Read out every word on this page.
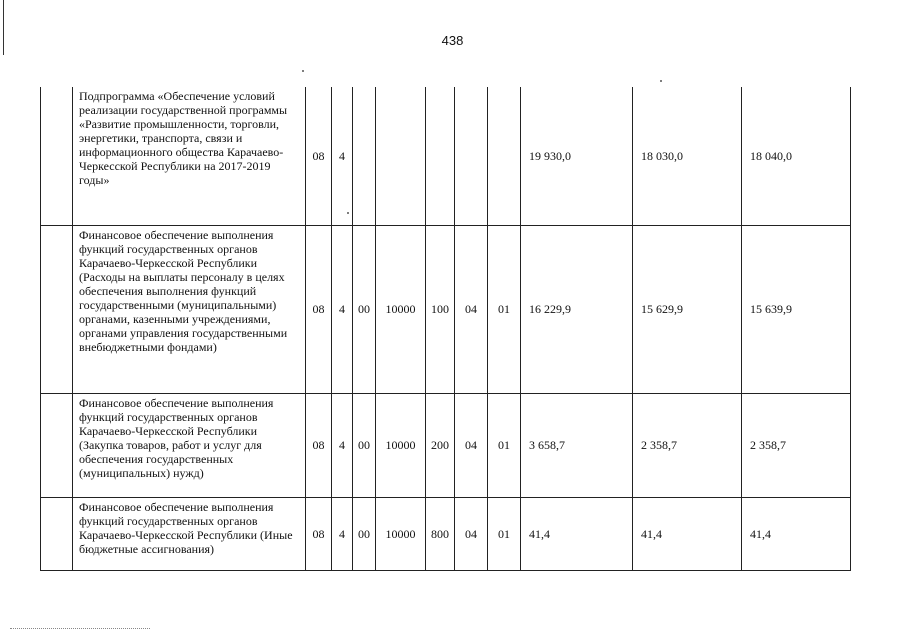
438
	Подпрограмма «Обеспечение условий реализации государственной программы «Развитие промышленности, торговли, энергетики, транспорта, связи и информационного общества Карачаево-Черкесской Республики на 2017-2019 годы»	08	4						19 930,0	18 030,0	18 040,0
	Финансовое обеспечение выполнения функций государственных органов Карачаево-Черкесской Республики (Расходы на выплаты персоналу в целях обеспечения выполнения функций государственными (муниципальными) органами, казенными учреждениями, органами управления государственными внебюджетными фондами)	08	4	00	10000	100	04	01	16 229,9	15 629,9	15 639,9
	Финансовое обеспечение выполнения функций государственных органов Карачаево-Черкесской Республики (Закупка товаров, работ и услуг для обеспечения государственных (муниципальных) нужд)	08	4	00	10000	200	04	01	3 658,7	2 358,7	2 358,7
	Финансовое обеспечение выполнения функций государственных органов Карачаево-Черкесской Республики (Иные бюджетные ассигнования)	08	4	00	10000	800	04	01	41,4	41,4	41,4
